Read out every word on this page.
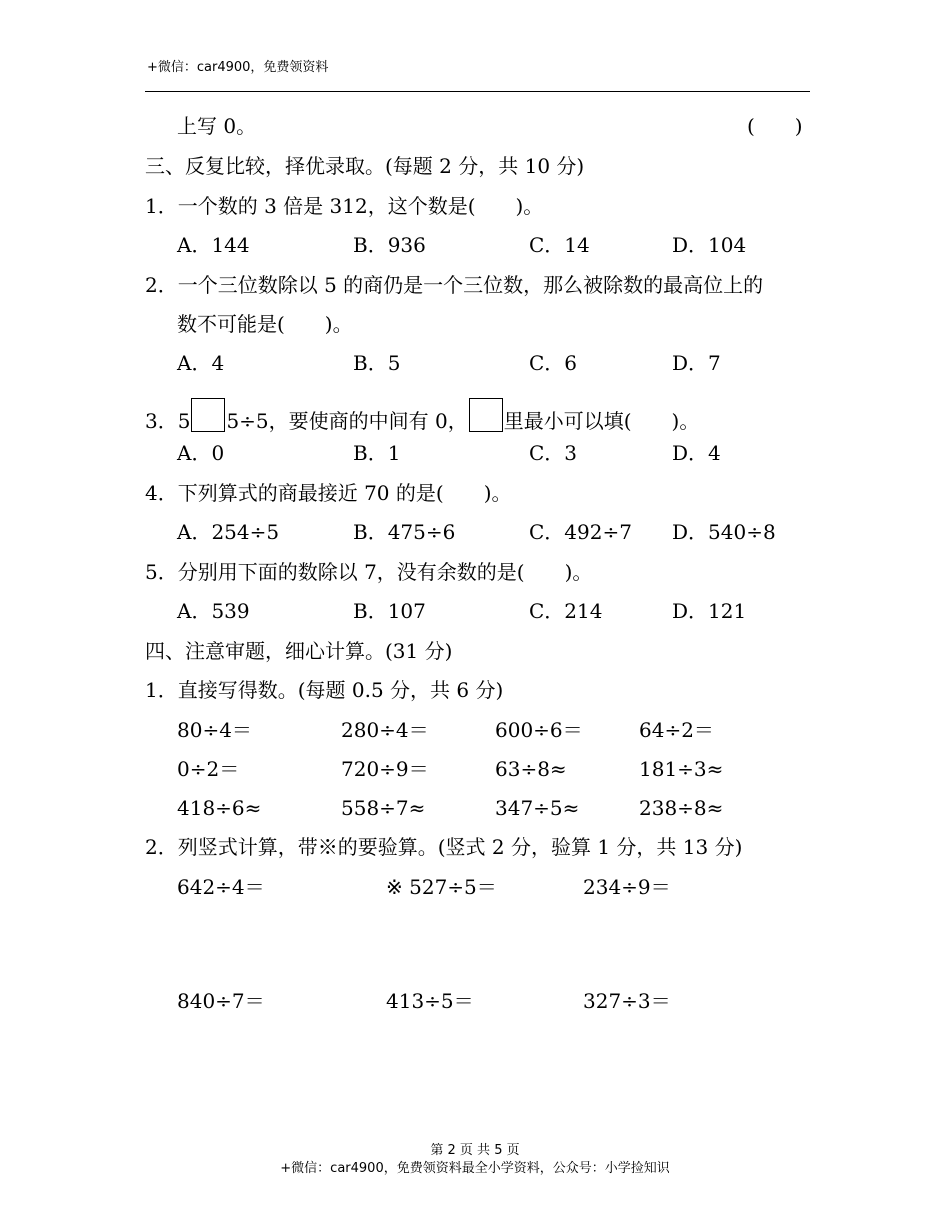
+微信：car4900，免费领资料
上写 0。	(　　)
三、反复比较，择优录取。(每题 2 分，共 10 分)
1．一个数的 3 倍是 312，这个数是(　　)。
A．144	B．936	C．14	D．104
2．一个三位数除以 5 的商仍是一个三位数，那么被除数的最高位上的
数不可能是(　　)。
A．4	B．5	C．6	D．7
3．5 5÷5，要使商的中间有 0， 里最小可以填(　　)。
A．0	B．1	C．3	D．4
4．下列算式的商最接近 70 的是(　　)。
A．254÷5	B．475÷6	C．492÷7 D．540÷8
5．分别用下面的数除以 7，没有余数的是(　　)。
A．539	B．107	C．214	D．121
四、注意审题，细心计算。(31 分)
1．直接写得数。(每题 0.5 分，共 6 分)
80÷4＝	280÷4＝	600÷6＝	64÷2＝
0÷2＝	720÷9＝	63÷8≈	181÷3≈
418÷6≈	558÷7≈	347÷5≈	238÷8≈
2．列竖式计算，带※的要验算。(竖式 2 分，验算 1 分，共 13 分)
642÷4＝	※ 527÷5＝	234÷9＝
840÷7＝	413÷5＝	327÷3＝
第 2 页 共 5 页
+微信：car4900，免费领资料最全小学资料，公众号：小学捡知识
